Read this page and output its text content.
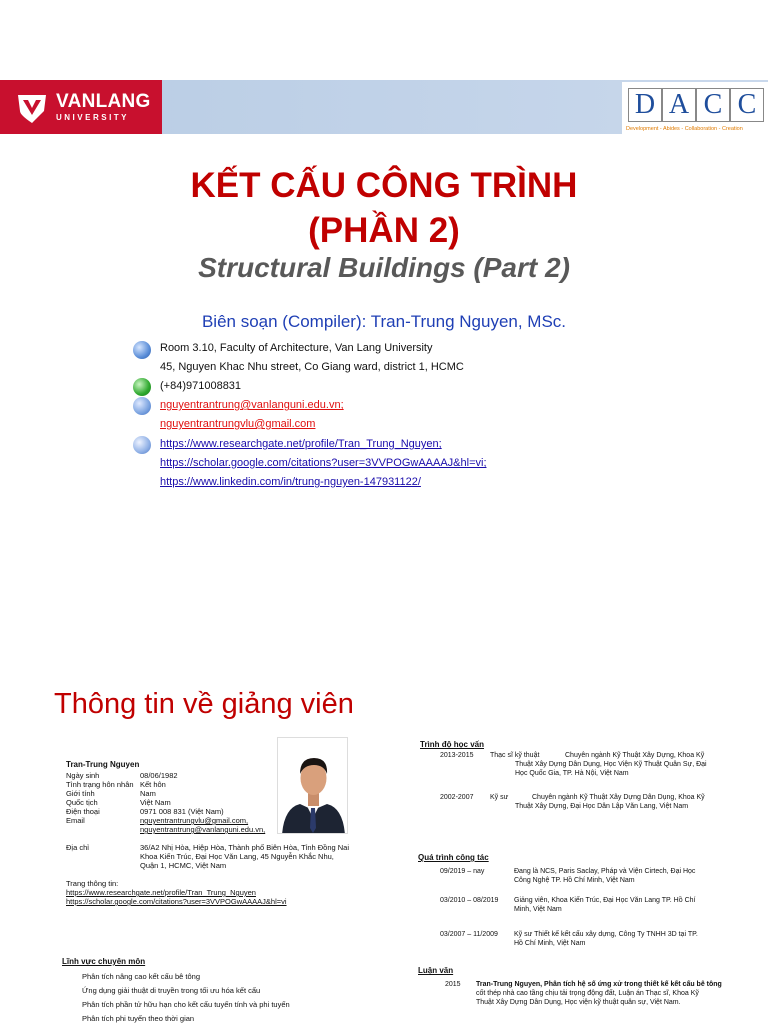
VANLANG
UNIVERSITY	D A C C
Development - Abides - Collaboration - Creation
KẾT CẤU CÔNG TRÌNH
(PHẦN 2)
Structural Buildings (Part 2)
Biên soạn (Compiler): Tran-Trung Nguyen, MSc.
Room 3.10, Faculty of Architecture, Van Lang University
45, Nguyen Khac Nhu street, Co Giang ward, district 1, HCMC
(+84)971008831
nguyentrantrung@vanlanguni.edu.vn;
nguyentrantrungvlu@gmail.com
https://www.researchgate.net/profile/Tran_Trung_Nguyen;
https://scholar.google.com/citations?user=3VVPOGwAAAAJ&hl=vi;
https://www.linkedin.com/in/trung-nguyen-147931122/
Thông tin về giảng viên
Tran-Trung Nguyen
Ngày sinh	08/06/1982
Tình trạng hôn nhân Kết hôn
Giới tính	Nam
Quốc tịch	Việt Nam
Điện thoại	0971 008 831 (Việt Nam)
Email	nguyentrantrungvlu@gmail.com,
nguyentrantrung@vanlanguni.edu.vn,
Địa chỉ	36/A2 Nhị Hòa, Hiệp Hòa, Thành phố Biên Hòa, Tỉnh Đồng Nai
Khoa Kiến Trúc, Đại Học Văn Lang, 45 Nguyễn Khắc Nhu,
Quận 1, HCMC, Việt Nam
Trang thông tin:
https://www.researchgate.net/profile/Tran_Trung_Nguyen
https://scholar.google.com/citations?user=3VVPOGwAAAAJ&hl=vi
Lĩnh vực chuyên môn
Phân tích nâng cao kết cấu bê tông
Ứng dụng giải thuật di truyền trong tối ưu hóa kết cấu
Phân tích phần tử hữu hạn cho kết cấu tuyến tính và phi tuyến
Phân tích phi tuyến theo thời gian
Trình độ học vấn
2013-2015 Thạc sĩ kỹ thuật	Chuyên ngành Kỹ Thuật Xây Dựng, Khoa Kỹ
Thuật Xây Dựng Dân Dụng, Học Viện Kỹ Thuật Quân Sự, Đại
Học Quốc Gia, TP. Hà Nội, Việt Nam
2002-2007 Kỹ sư	Chuyên ngành Kỹ Thuật Xây Dựng Dân Dụng, Khoa Kỹ
Thuật Xây Dựng, Đại Học Dân Lập Văn Lang, Việt Nam
Quá trình công tác
09/2019 – nay	Đang là NCS, Paris Saclay, Pháp và Viện Cirtech, Đại Học
Công Nghệ TP. Hồ Chí Minh, Việt Nam
03/2010 – 08/2019 Giảng viên, Khoa Kiến Trúc, Đại Học Văn Lang TP. Hồ Chí
Minh, Việt Nam
03/2007 – 11/2009 Kỹ sư Thiết kế kết cấu xây dựng, Công Ty TNHH 3D tại TP.
Hồ Chí Minh, Việt Nam
Luận văn
2015 Tran-Trung Nguyen, Phân tích hệ số ứng xử trong thiết kế kết cấu bê tông
cốt thép nhà cao tầng chịu tải trọng động đất, Luận án Thạc sĩ, Khoa Kỹ
Thuật Xây Dựng Dân Dụng, Học viện kỹ thuật quân sự, Việt Nam.
